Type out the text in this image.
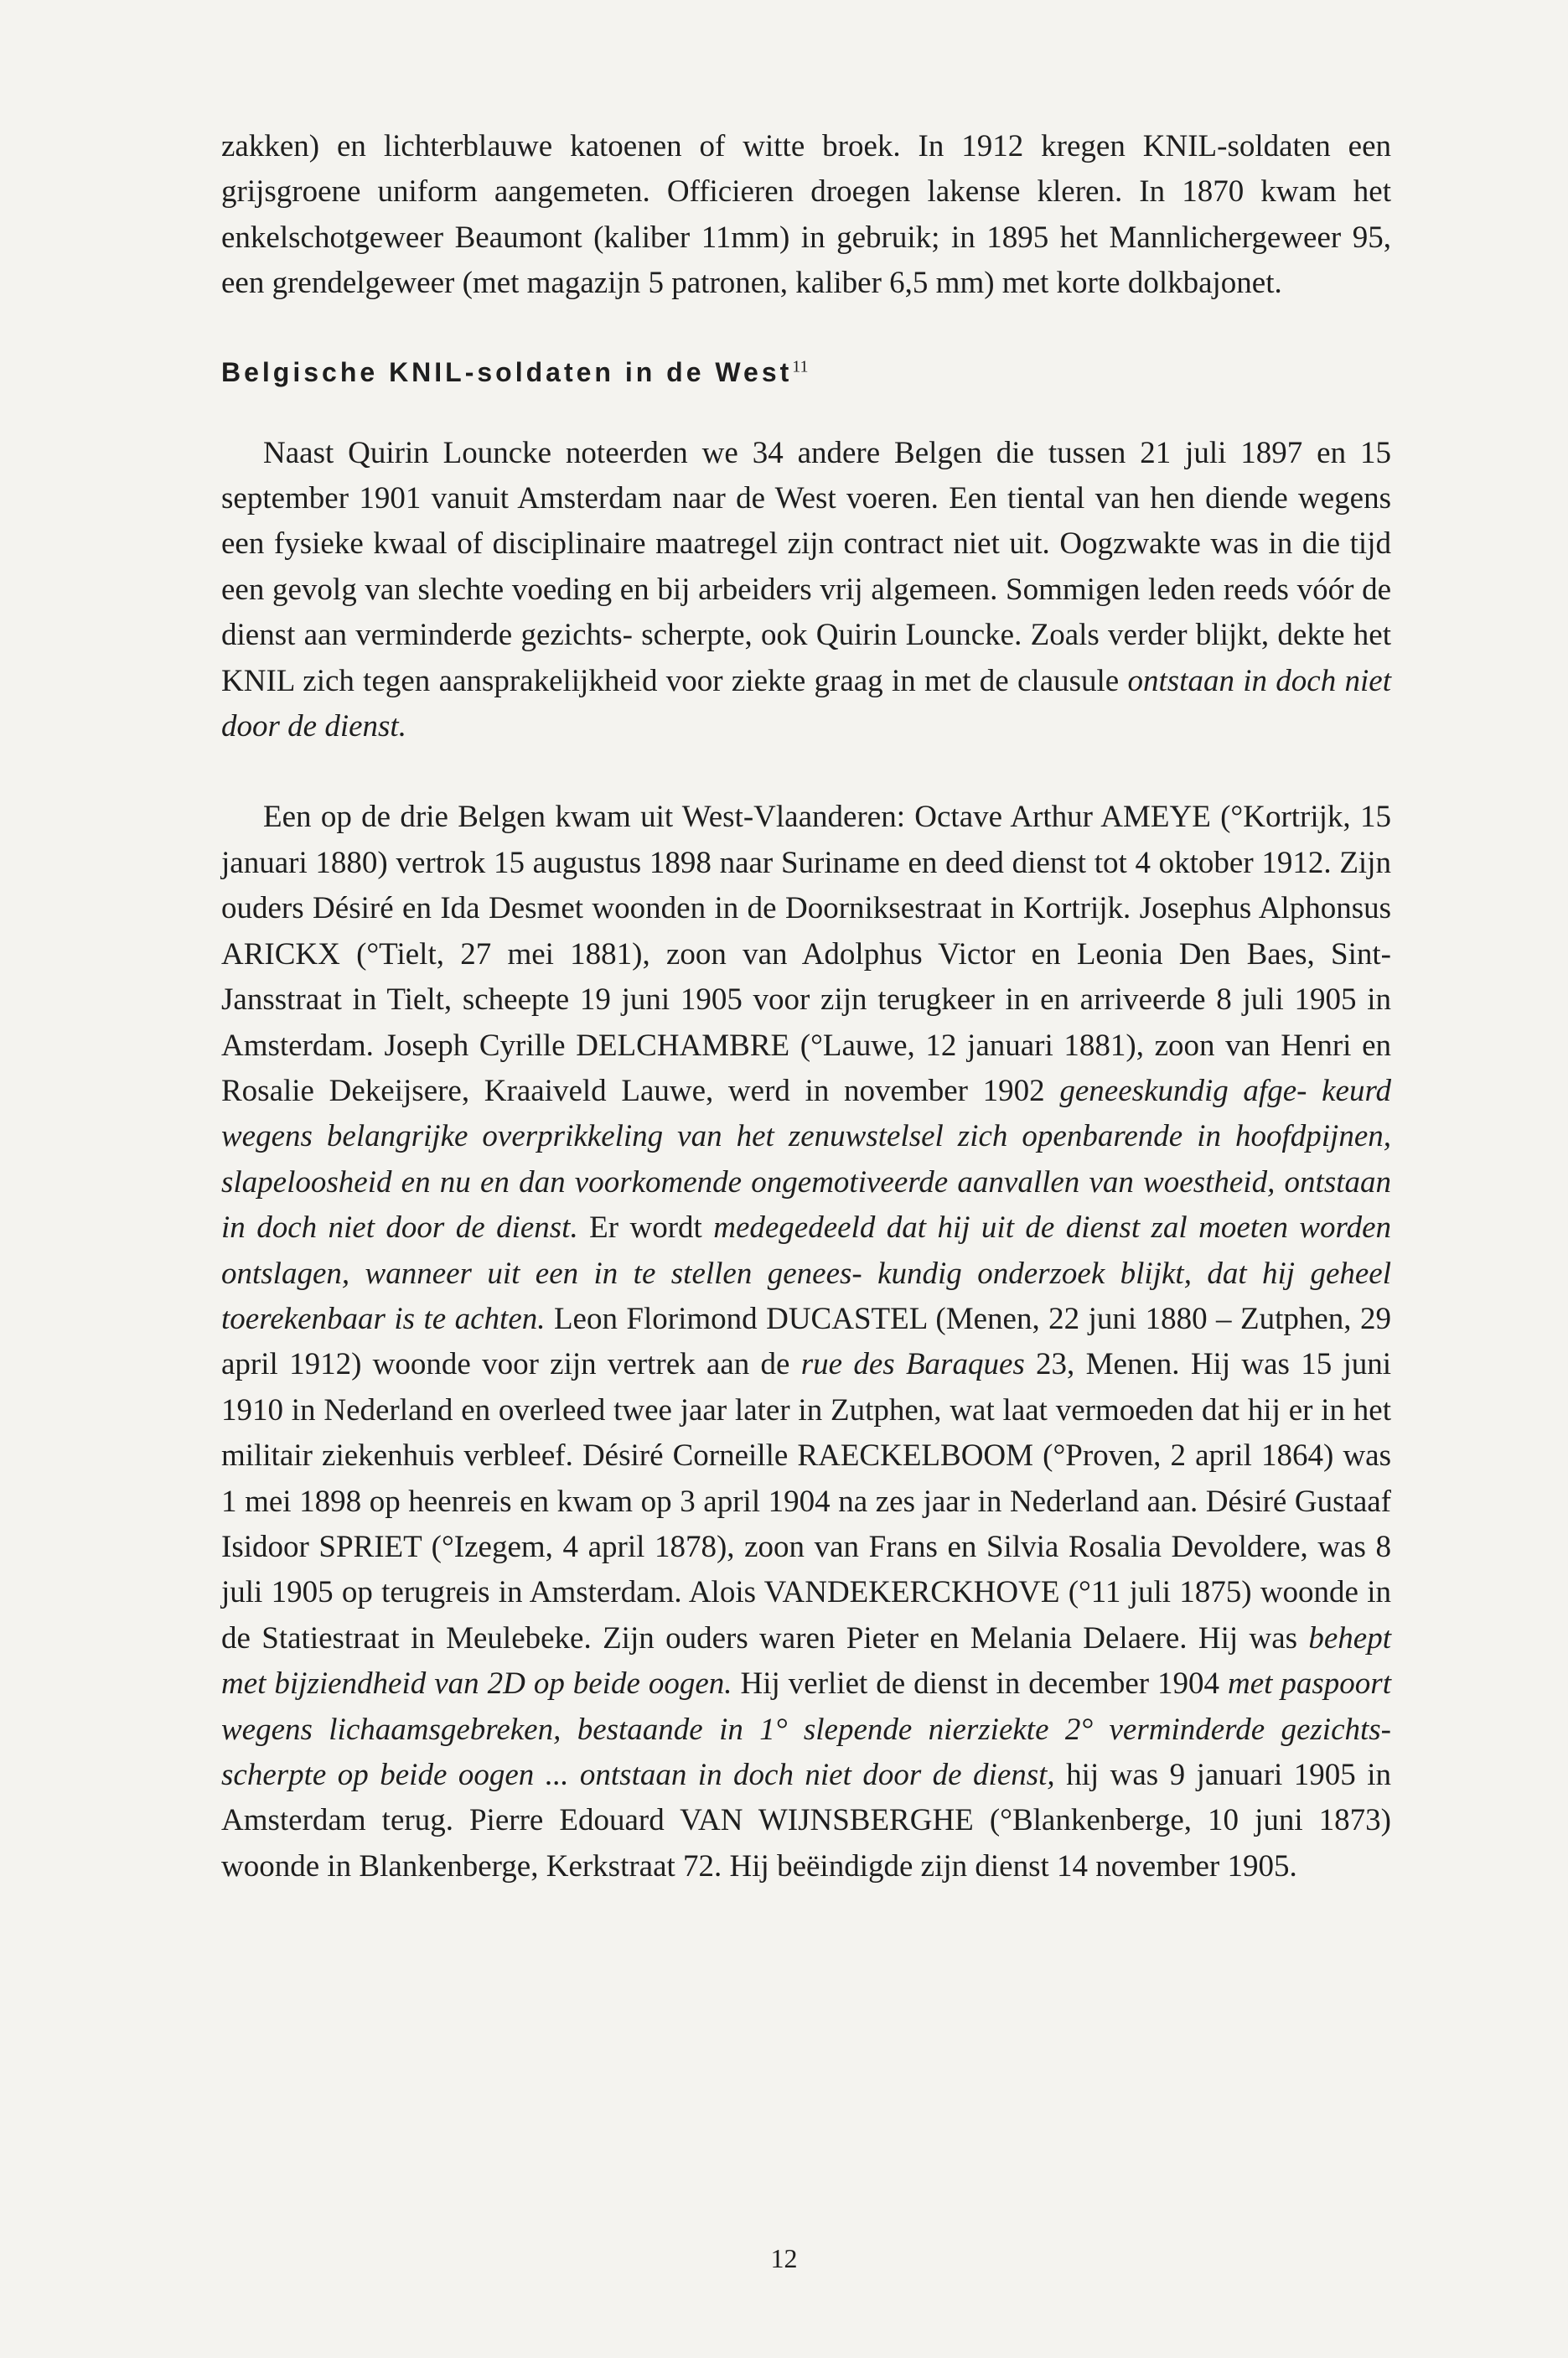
zakken) en lichterblauwe katoenen of witte broek. In 1912 kregen KNIL-soldaten een grijsgroene uniform aangemeten. Officieren droegen lakense kleren. In 1870 kwam het enkelschotgeweer Beaumont (kaliber 11mm) in gebruik; in 1895 het Mannlichergeweer 95, een grendelgeweer (met magazijn 5 patronen, kaliber 6,5 mm) met korte dolkbajonet.

Belgische KNIL-soldaten in de West$^{11}$

Naast Quirin Louncke noteerden we 34 andere Belgen die tussen 21 juli 1897 en 15 september 1901 vanuit Amsterdam naar de West voeren. Een tiental van hen diende wegens een fysieke kwaal of disciplinaire maatregel zijn contract niet uit. Oogzwakte was in die tijd een gevolg van slechte voeding en bij arbeiders vrij algemeen. Sommigen leden reeds vóór de dienst aan verminderde gezichts- scherpte, ook Quirin Louncke. Zoals verder blijkt, dekte het KNIL zich tegen aansprakelijkheid voor ziekte graag in met de clausule ontstaan in doch niet door de dienst.

Een op de drie Belgen kwam uit West-Vlaanderen: Octave Arthur AMEYE (°Kortrijk, 15 januari 1880) vertrok 15 augustus 1898 naar Suriname en deed dienst tot 4 oktober 1912. Zijn ouders Désiré en Ida Desmet woonden in de Doorniksestraat in Kortrijk. Josephus Alphonsus ARICKX (°Tielt, 27 mei 1881), zoon van Adolphus Victor en Leonia Den Baes, Sint-Jansstraat in Tielt, scheepte 19 juni 1905 voor zijn terugkeer in en arriveerde 8 juli 1905 in Amsterdam. Joseph Cyrille DELCHAMBRE (°Lauwe, 12 januari 1881), zoon van Henri en Rosalie Dekeijsere, Kraaiveld Lauwe, werd in november 1902 geneeskundig afge- keurd wegens belangrijke overprikkeling van het zenuwstelsel zich openbarende in hoofdpijnen, slapeloosheid en nu en dan voorkomende ongemotiveerde aanvallen van woestheid, ontstaan in doch niet door de dienst. Er wordt medegedeeld dat hij uit de dienst zal moeten worden ontslagen, wanneer uit een in te stellen genees- kundig onderzoek blijkt, dat hij geheel toerekenbaar is te achten. Leon Florimond DUCASTEL (Menen, 22 juni 1880 – Zutphen, 29 april 1912) woonde voor zijn vertrek aan de rue des Baraques 23, Menen. Hij was 15 juni 1910 in Nederland en overleed twee jaar later in Zutphen, wat laat vermoeden dat hij er in het militair ziekenhuis verbleef. Désiré Corneille RAECKELBOOM (°Proven, 2 april 1864) was 1 mei 1898 op heenreis en kwam op 3 april 1904 na zes jaar in Nederland aan. Désiré Gustaaf Isidoor SPRIET (°Izegem, 4 april 1878), zoon van Frans en Silvia Rosalia Devoldere, was 8 juli 1905 op terugreis in Amsterdam. Alois VANDEKERCKHOVE (°11 juli 1875) woonde in de Statiestraat in Meulebeke. Zijn ouders waren Pieter en Melania Delaere. Hij was behept met bijziendheid van 2D op beide oogen. Hij verliet de dienst in december 1904 met paspoort wegens lichaamsgebreken, bestaande in 1° slepende nierziekte 2° verminderde gezichts- scherpte op beide oogen ... ontstaan in doch niet door de dienst, hij was 9 januari 1905 in Amsterdam terug. Pierre Edouard VAN WIJNSBERGHE (°Blankenberge, 10 juni 1873) woonde in Blankenberge, Kerkstraat 72. Hij beëindigde zijn dienst 14 november 1905.

12
